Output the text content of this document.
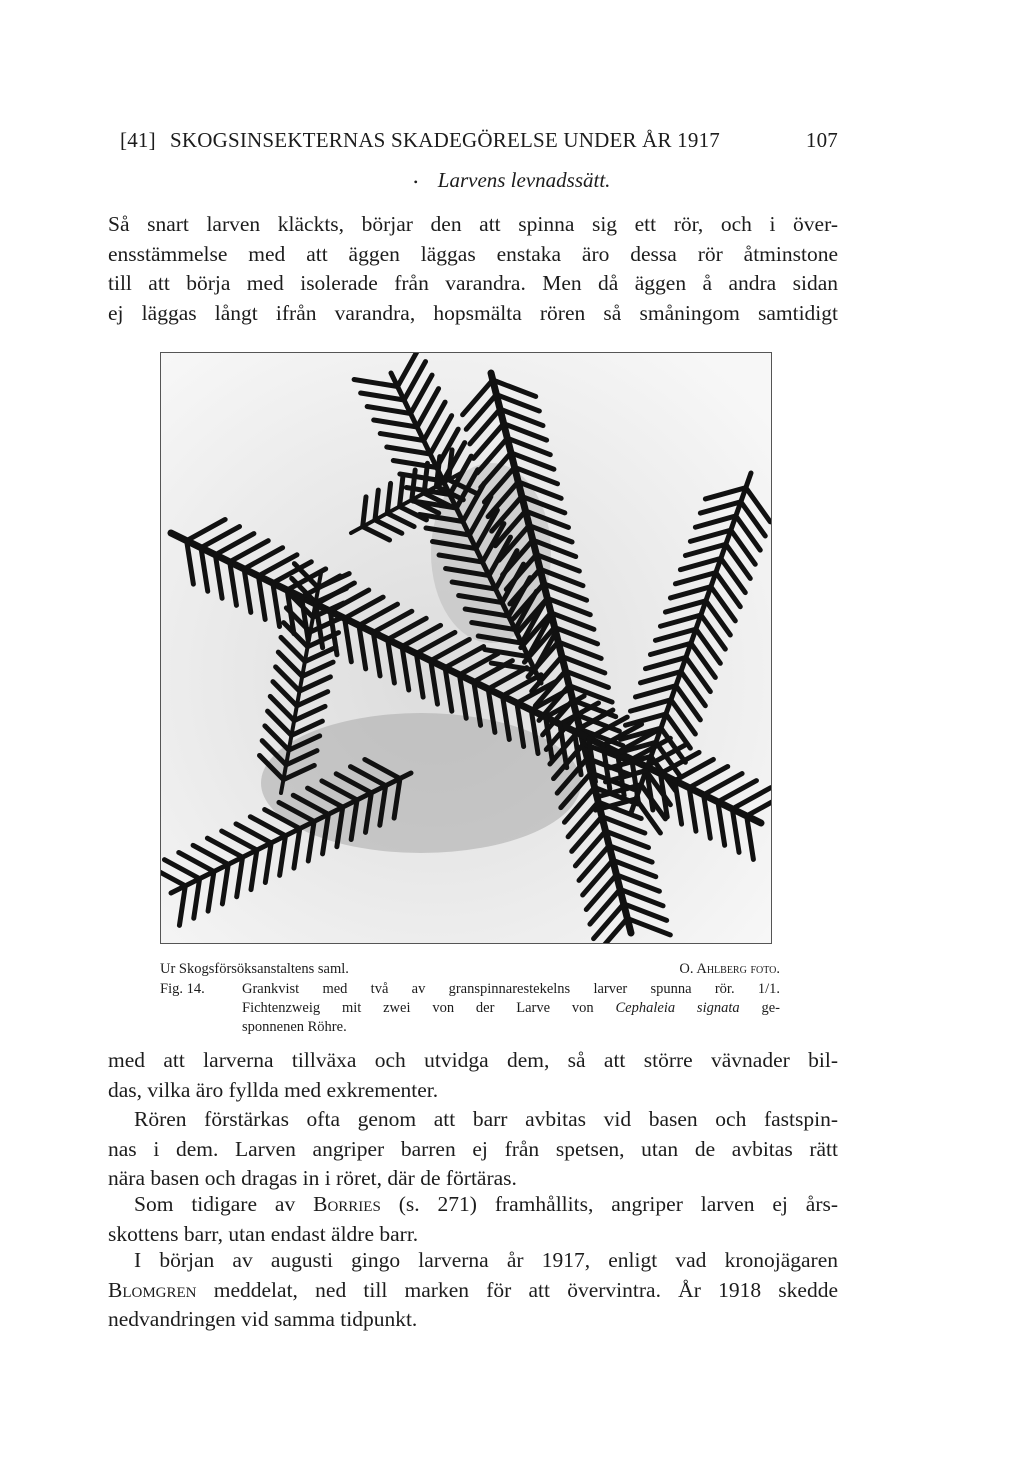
[41] SKOGSINSEKTERNAS SKADEGÖRELSE UNDER ÅR 1917	107
• Larvens levnadssätt.
Så snart larven kläckts, börjar den att spinna sig ett rör, och i över-
ensstämmelse med att äggen läggas enstaka äro dessa rör åtminstone
till att börja med isolerade från varandra. Men då äggen å andra sidan
ej läggas långt ifrån varandra, hopsmälta rören så småningom samtidigt
Ur Skogsförsöksanstaltens saml.	O. Ahlberg foto.
Fig. 14.	Grankvist med två av granspinnarestekelns larver spunna rör. 1/1.
Fichtenzweig mit zwei von der Larve von Cephaleia signata ge-
sponnenen Röhre.
med att larverna tillväxa och utvidga dem, så att större vävnader bil-
das, vilka äro fyllda med exkrementer.
Rören förstärkas ofta genom att barr avbitas vid basen och fastspin-
nas i dem. Larven angriper barren ej från spetsen, utan de avbitas rätt
nära basen och dragas in i röret, där de förtäras.
Som tidigare av Borries (s. 271) framhållits, angriper larven ej års-
skottens barr, utan endast äldre barr.
I början av augusti gingo larverna år 1917, enligt vad kronojägaren
Blomgren meddelat, ned till marken för att övervintra. År 1918 skedde
nedvandringen vid samma tidpunkt.
